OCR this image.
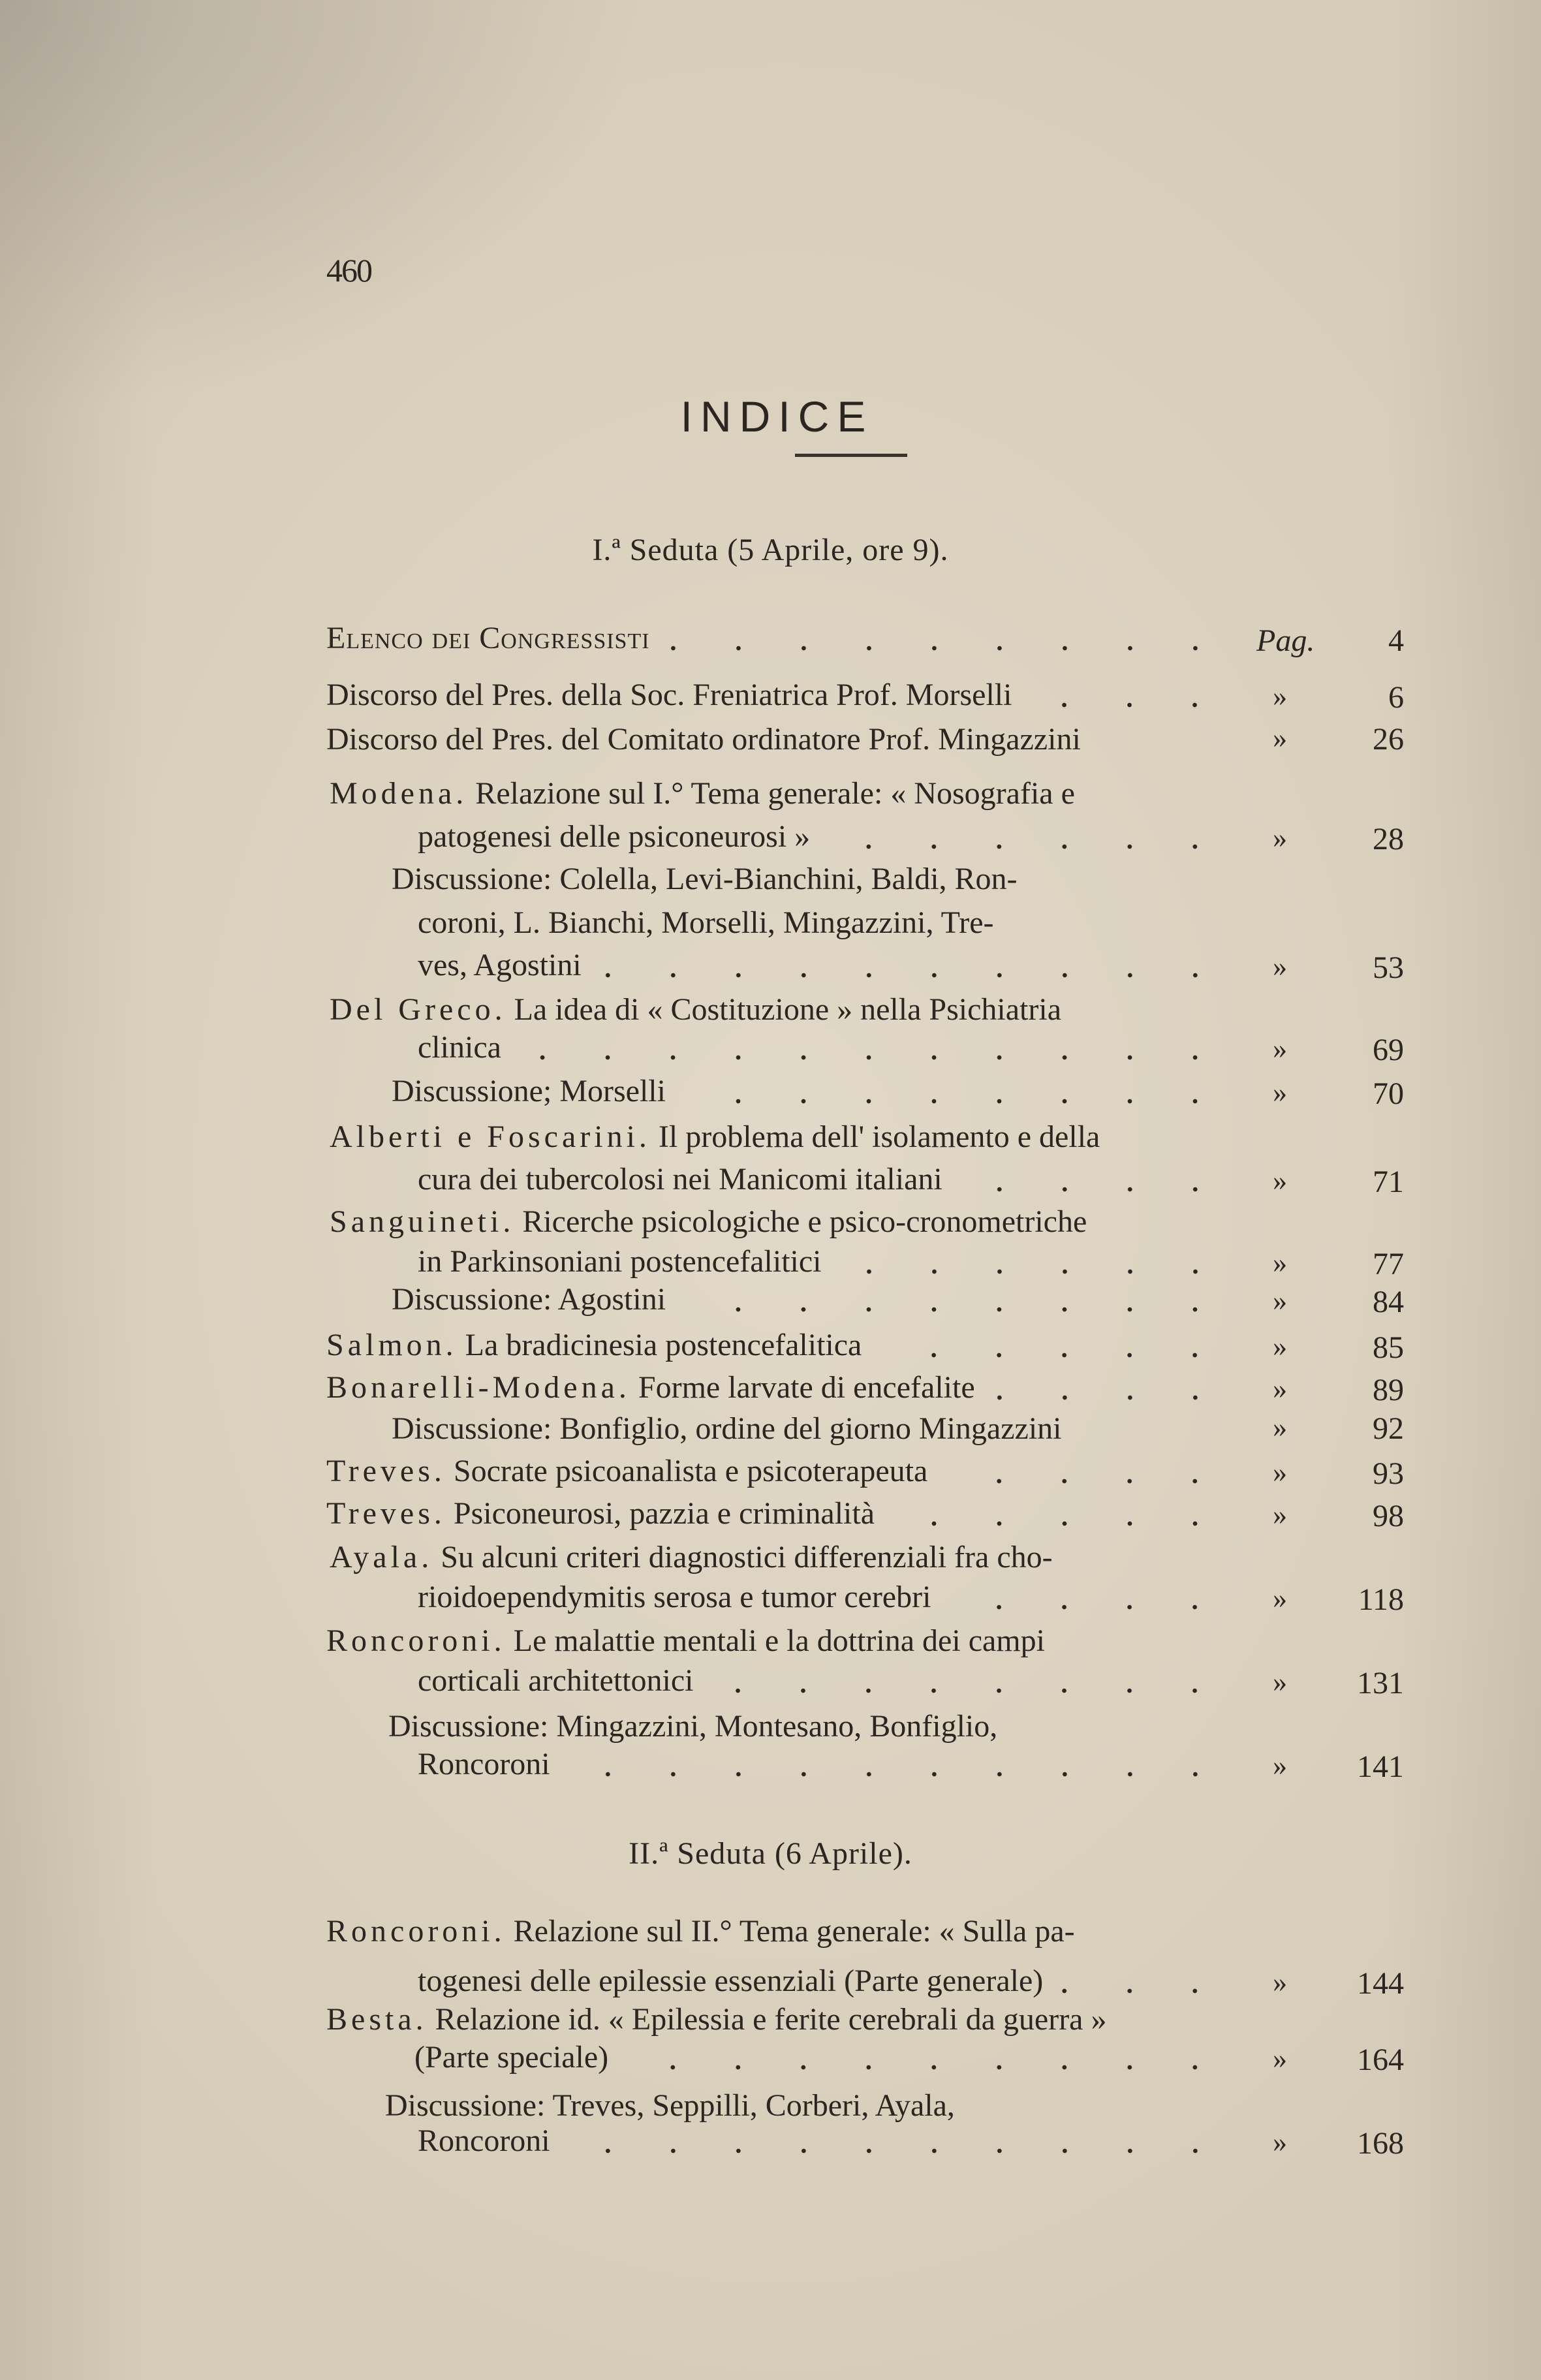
460
INDICE
I.ª Seduta (5 Aprile, ore 9).
II.ª Seduta (6 Aprile).
Elenco dei Congressisti	Pag. 4
Discorso del Pres. della Soc. Freniatrica Prof. Morselli	»	6
Discorso del Pres. del Comitato ordinatore Prof. Mingazzini	»	26
Modena. Relazione sul I.° Tema generale: « Nosografia e
patogenesi delle psiconeurosi »	»	28
Discussione: Colella, Levi-Bianchini, Baldi, Ron-
coroni, L. Bianchi, Morselli, Mingazzini, Tre-
ves, Agostini	»	53
Del Greco. La idea di « Costituzione » nella Psichiatria
clinica	»	69
Discussione; Morselli	»	70
Alberti e Foscarini. Il problema dell' isolamento e della
cura dei tubercolosi nei Manicomi italiani	»	71
Sanguineti. Ricerche psicologiche e psico-cronometriche
in Parkinsoniani postencefalitici	»	77
Discussione: Agostini	»	84
Salmon. La bradicinesia postencefalitica	»	85
Bonarelli-Modena. Forme larvate di encefalite	»	89
Discussione: Bonfiglio, ordine del giorno Mingazzini	»	92
Treves. Socrate psicoanalista e psicoterapeuta	»	93
Treves. Psiconeurosi, pazzia e criminalità	»	98
Ayala. Su alcuni criteri diagnostici differenziali fra cho-
rioidoependymitis serosa e tumor cerebri	» 118
Roncoroni. Le malattie mentali e la dottrina dei campi
corticali architettonici	» 131
Discussione: Mingazzini, Montesano, Bonfiglio,
Roncoroni	» 141
Roncoroni. Relazione sul II.° Tema generale: « Sulla pa-
togenesi delle epilessie essenziali (Parte generale)	» 144
Besta. Relazione id. « Epilessia e ferite cerebrali da guerra »
(Parte speciale)	» 164
Discussione: Treves, Seppilli, Corberi, Ayala,
Roncoroni	» 168
